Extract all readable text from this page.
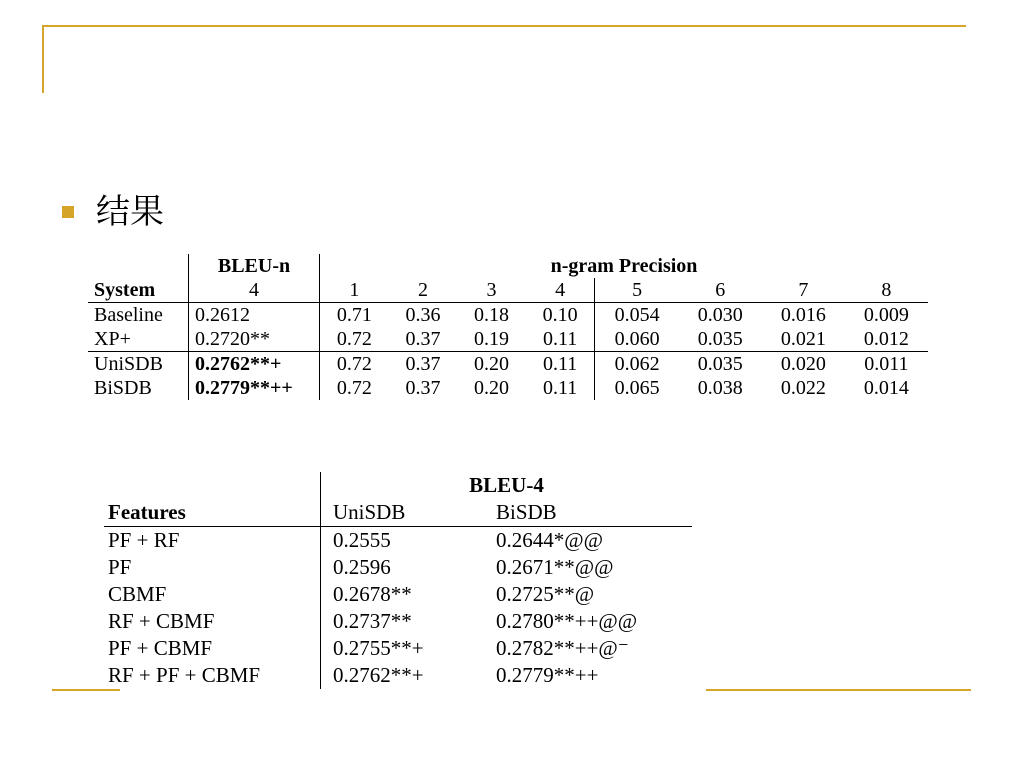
结果
	BLEU-n	n-gram Precision							
System	4	1	2	3	4	5	6	7	8
Baseline	0.2612	0.71	0.36	0.18	0.10	0.054	0.030	0.016	0.009
XP+	0.2720**	0.72	0.37	0.19	0.11	0.060	0.035	0.021	0.012
UniSDB	0.2762**+	0.72	0.37	0.20	0.11	0.062	0.035	0.020	0.011
BiSDB	0.2779**++	0.72	0.37	0.20	0.11	0.065	0.038	0.022	0.014
	BLEU-4	
Features	UniSDB	BiSDB
PF + RF	0.2555	0.2644*@@
PF	0.2596	0.2671**@@
CBMF	0.2678**	0.2725**@
RF + CBMF	0.2737**	0.2780**++@@
PF + CBMF	0.2755**+	0.2782**++@⁻
RF + PF + CBMF	0.2762**+	0.2779**++
